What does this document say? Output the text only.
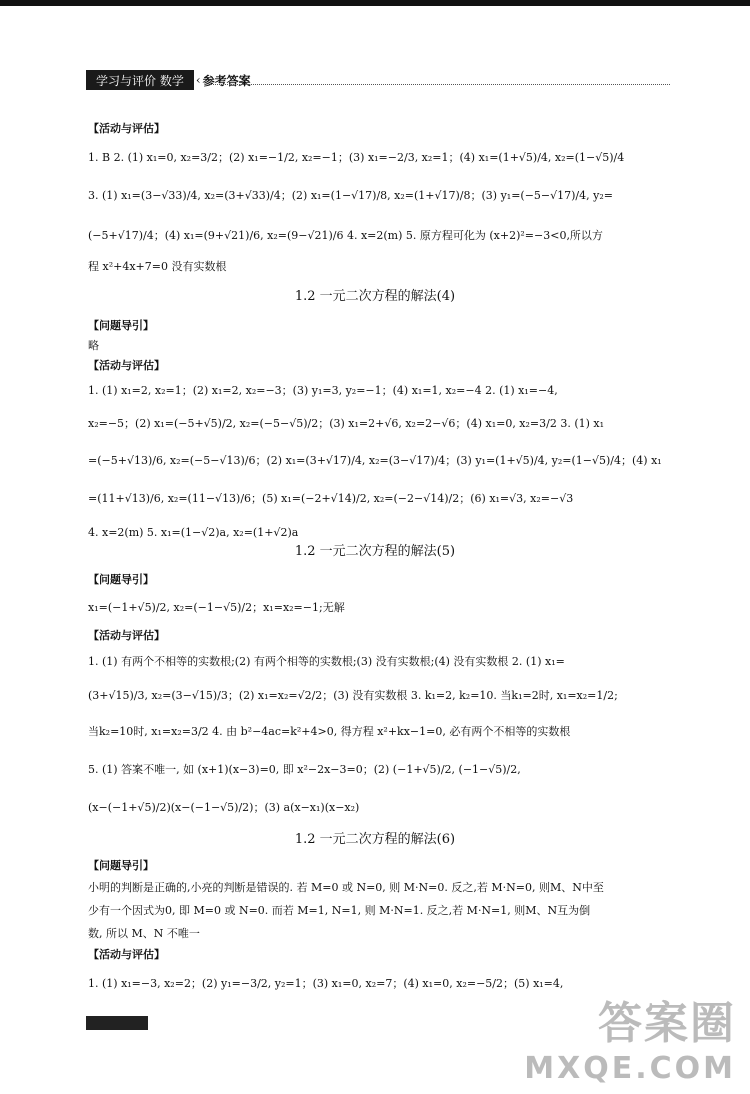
学习与评价 数学	‹ 参考答案
【活动与评估】
1. B 2. (1) x₁=0, x₂=3/2；(2) x₁=−1/2, x₂=−1；(3) x₁=−2/3, x₂=1；(4) x₁=(1+√5)/4, x₂=(1−√5)/4
3. (1) x₁=(3−√33)/4, x₂=(3+√33)/4；(2) x₁=(1−√17)/8, x₂=(1+√17)/8；(3) y₁=(−5−√17)/4, y₂=
(−5+√17)/4；(4) x₁=(9+√21)/6, x₂=(9−√21)/6 4. x=2(m) 5. 原方程可化为 (x+2)²=−3<0,所以方
程 x²+4x+7=0 没有实数根
1.2 一元二次方程的解法(4)
【问题导引】
略
【活动与评估】
1. (1) x₁=2, x₂=1；(2) x₁=2, x₂=−3；(3) y₁=3, y₂=−1；(4) x₁=1, x₂=−4 2. (1) x₁=−4,
x₂=−5；(2) x₁=(−5+√5)/2, x₂=(−5−√5)/2；(3) x₁=2+√6, x₂=2−√6；(4) x₁=0, x₂=3/2 3. (1) x₁
=(−5+√13)/6, x₂=(−5−√13)/6；(2) x₁=(3+√17)/4, x₂=(3−√17)/4；(3) y₁=(1+√5)/4, y₂=(1−√5)/4；(4) x₁
=(11+√13)/6, x₂=(11−√13)/6；(5) x₁=(−2+√14)/2, x₂=(−2−√14)/2；(6) x₁=√3, x₂=−√3
4. x=2(m) 5. x₁=(1−√2)a, x₂=(1+√2)a
1.2 一元二次方程的解法(5)
【问题导引】
x₁=(−1+√5)/2, x₂=(−1−√5)/2；x₁=x₂=−1;无解
【活动与评估】
1. (1) 有两个不相等的实数根;(2) 有两个相等的实数根;(3) 没有实数根;(4) 没有实数根 2. (1) x₁=
(3+√15)/3, x₂=(3−√15)/3；(2) x₁=x₂=√2/2；(3) 没有实数根 3. k₁=2, k₂=10. 当k₁=2时, x₁=x₂=1/2;
当k₂=10时, x₁=x₂=3/2 4. 由 b²−4ac=k²+4>0, 得方程 x²+kx−1=0, 必有两个不相等的实数根
5. (1) 答案不唯一, 如 (x+1)(x−3)=0, 即 x²−2x−3=0；(2) (−1+√5)/2, (−1−√5)/2,
(x−(−1+√5)/2)(x−(−1−√5)/2)；(3) a(x−x₁)(x−x₂)
1.2 一元二次方程的解法(6)
【问题导引】
小明的判断是正确的,小亮的判断是错误的. 若 M=0 或 N=0, 则 M·N=0. 反之,若 M·N=0, 则M、N中至
少有一个因式为0, 即 M=0 或 N=0. 而若 M=1, N=1, 则 M·N=1. 反之,若 M·N=1, 则M、N互为倒
数, 所以 M、N 不唯一
【活动与评估】
1. (1) x₁=−3, x₂=2；(2) y₁=−3/2, y₂=1；(3) x₁=0, x₂=7；(4) x₁=0, x₂=−5/2；(5) x₁=4,
答案圈
MXQE.COM
